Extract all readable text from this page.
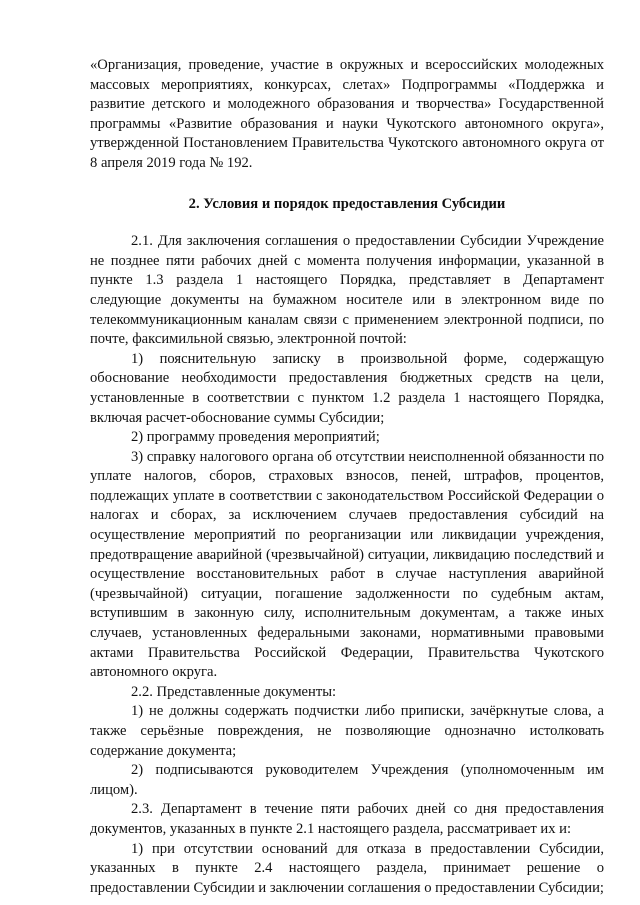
«Организация, проведение, участие в окружных и всероссийских молодежных массовых мероприятиях, конкурсах, слетах» Подпрограммы «Поддержка и развитие детского и молодежного образования и творчества» Государственной программы «Развитие образования и науки Чукотского автономного округа», утвержденной Постановлением Правительства Чукотского автономного округа от 8 апреля 2019 года № 192.

2. Условия и порядок предоставления Субсидии

2.1. Для заключения соглашения о предоставлении Субсидии Учреждение не позднее пяти рабочих дней с момента получения информации, указанной в пункте 1.3 раздела 1 настоящего Порядка, представляет в Департамент следующие документы на бумажном носителе или в электронном виде по телекоммуникационным каналам связи с применением электронной подписи, по почте, факсимильной связью, электронной почтой:

1) пояснительную записку в произвольной форме, содержащую обоснование необходимости предоставления бюджетных средств на цели, установленные в соответствии с пунктом 1.2 раздела 1 настоящего Порядка, включая расчет-обоснование суммы Субсидии;

2) программу проведения мероприятий;

3) справку налогового органа об отсутствии неисполненной обязанности по уплате налогов, сборов, страховых взносов, пеней, штрафов, процентов, подлежащих уплате в соответствии с законодательством Российской Федерации о налогах и сборах, за исключением случаев предоставления субсидий на осуществление мероприятий по реорганизации или ликвидации учреждения, предотвращение аварийной (чрезвычайной) ситуации, ликвидацию последствий и осуществление восстановительных работ в случае наступления аварийной (чрезвычайной) ситуации, погашение задолженности по судебным актам, вступившим в законную силу, исполнительным документам, а также иных случаев, установленных федеральными законами, нормативными правовыми актами Правительства Российской Федерации, Правительства Чукотского автономного округа.

2.2. Представленные документы:

1) не должны содержать подчистки либо приписки, зачёркнутые слова, а также серьёзные повреждения, не позволяющие однозначно истолковать содержание документа;

2) подписываются руководителем Учреждения (уполномоченным им лицом).

2.3. Департамент в течение пяти рабочих дней со дня предоставления документов, указанных в пункте 2.1 настоящего раздела, рассматривает их и:

1) при отсутствии оснований для отказа в предоставлении Субсидии, указанных в пункте 2.4 настоящего раздела, принимает решение о предоставлении Субсидии и заключении соглашения о предоставлении Субсидии;
